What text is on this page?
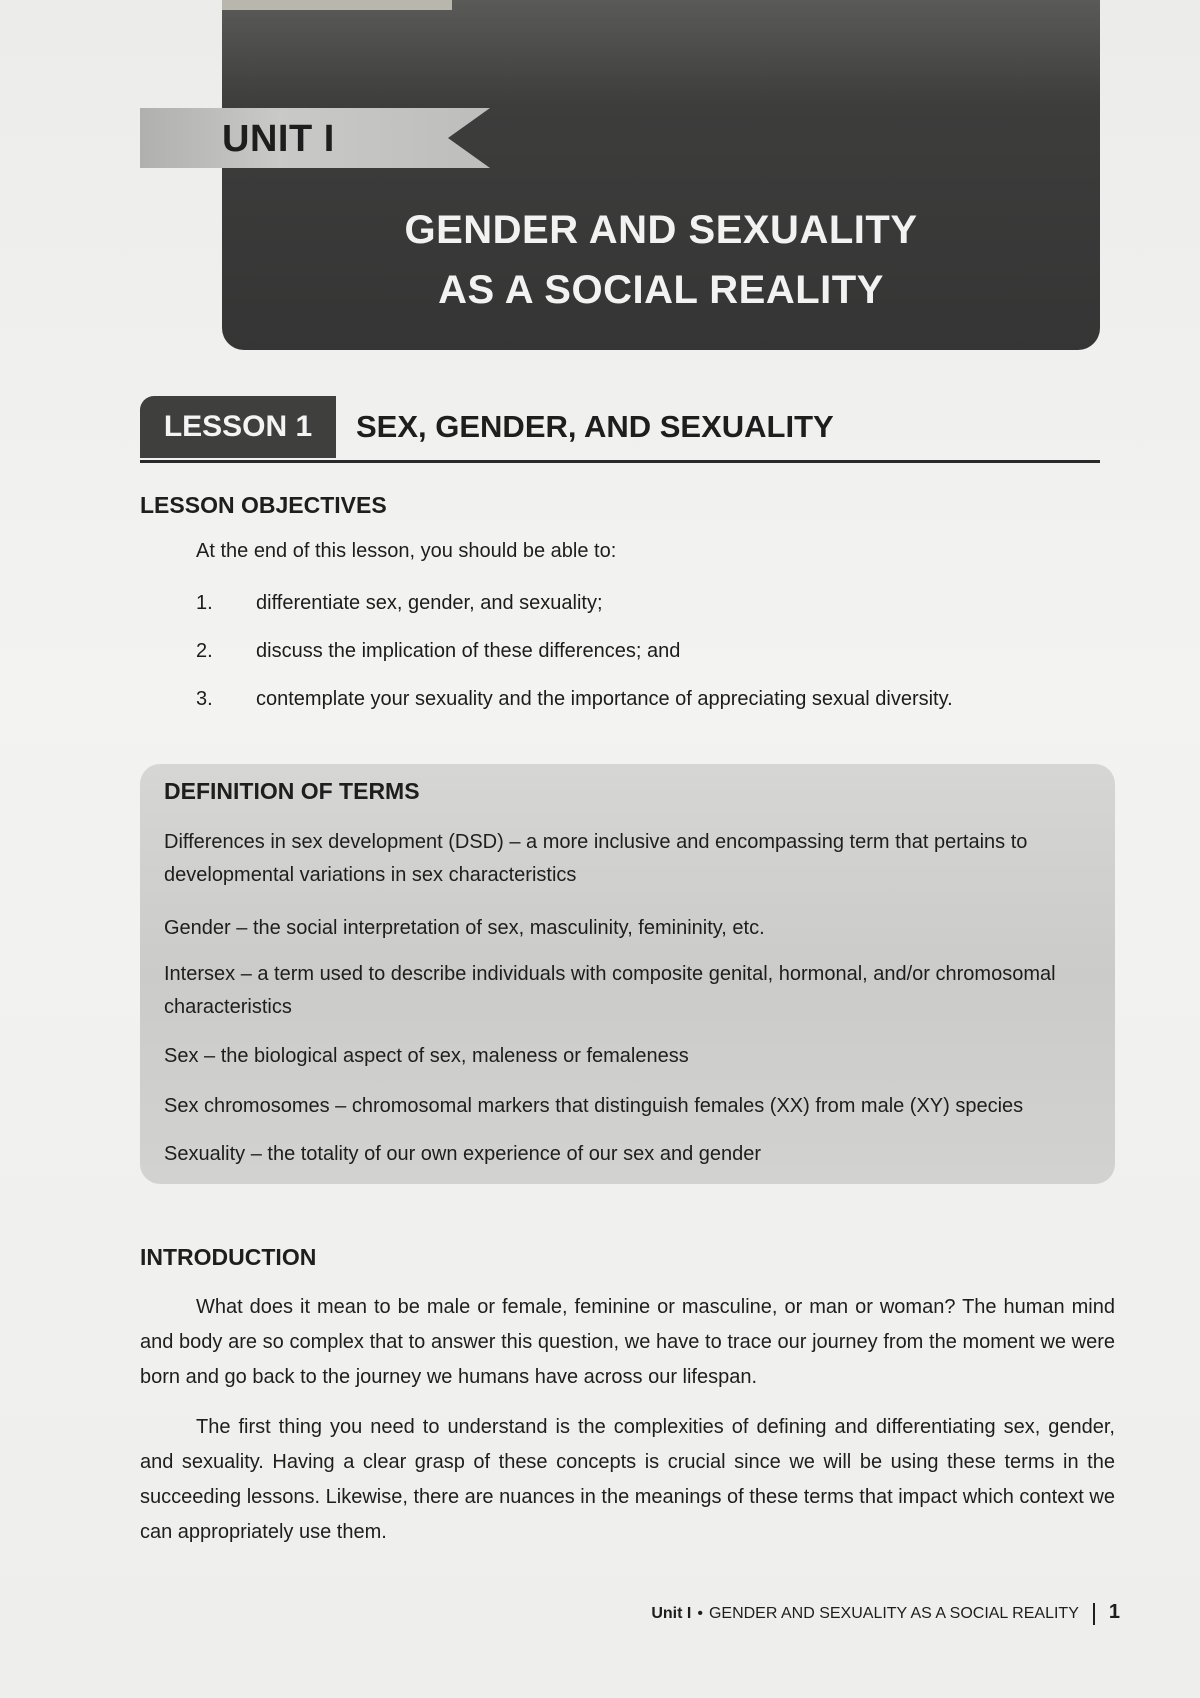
UNIT I
GENDER AND SEXUALITY
AS A SOCIAL REALITY
LESSON 1	SEX, GENDER, AND SEXUALITY
LESSON OBJECTIVES
At the end of this lesson, you should be able to:
1. differentiate sex, gender, and sexuality;
2. discuss the implication of these differences; and
3. contemplate your sexuality and the importance of appreciating sexual diversity.
DEFINITION OF TERMS
Differences in sex development (DSD) – a more inclusive and encompassing term that pertains to developmental variations in sex characteristics
Gender – the social interpretation of sex, masculinity, femininity, etc.
Intersex – a term used to describe individuals with composite genital, hormonal, and/or chromosomal characteristics
Sex – the biological aspect of sex, maleness or femaleness
Sex chromosomes – chromosomal markers that distinguish females (XX) from male (XY) species
Sexuality – the totality of our own experience of our sex and gender
INTRODUCTION
What does it mean to be male or female, feminine or masculine, or man or woman? The human mind and body are so complex that to answer this question, we have to trace our journey from the moment we were born and go back to the journey we humans have across our lifespan.
The first thing you need to understand is the complexities of defining and differentiating sex, gender, and sexuality. Having a clear grasp of these concepts is crucial since we will be using these terms in the succeeding lessons. Likewise, there are nuances in the meanings of these terms that impact which context we can appropriately use them.
Unit I • GENDER AND SEXUALITY AS A SOCIAL REALITY 1
